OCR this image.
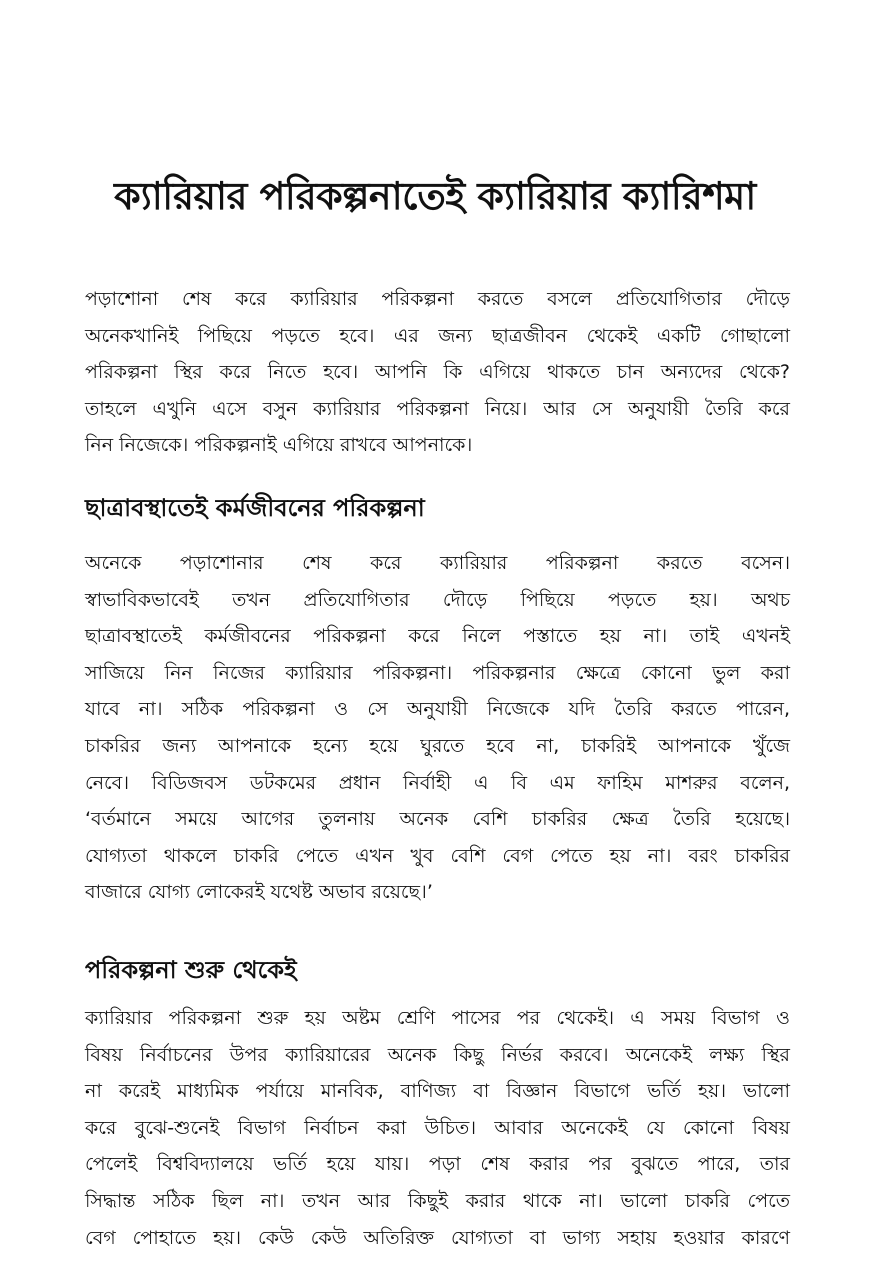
ক্যারিয়ার পরিকল্পনাতেই ক্যারিয়ার ক্যারিশমা
পড়াশোনা শেষ করে ক্যারিয়ার পরিকল্পনা করতে বসলে প্রতিযোগিতার দৌড়ে
অনেকখানিই পিছিয়ে পড়তে হবে। এর জন্য ছাত্রজীবন থেকেই একটি গোছালো
পরিকল্পনা স্থির করে নিতে হবে। আপনি কি এগিয়ে থাকতে চান অন্যদের থেকে?
তাহলে এখুনি এসে বসুন ক্যারিয়ার পরিকল্পনা নিয়ে। আর সে অনুযায়ী তৈরি করে
নিন নিজেকে। পরিকল্পনাই এগিয়ে রাখবে আপনাকে।
ছাত্রাবস্থাতেই কর্মজীবনের পরিকল্পনা
অনেকে পড়াশোনার শেষ করে ক্যারিয়ার পরিকল্পনা করতে বসেন।
স্বাভাবিকভাবেই তখন প্রতিযোগিতার দৌড়ে পিছিয়ে পড়তে হয়। অথচ
ছাত্রাবস্থাতেই কর্মজীবনের পরিকল্পনা করে নিলে পস্তাতে হয় না। তাই এখনই
সাজিয়ে নিন নিজের ক্যারিয়ার পরিকল্পনা। পরিকল্পনার ক্ষেত্রে কোনো ভুল করা
যাবে না। সঠিক পরিকল্পনা ও সে অনুযায়ী নিজেকে যদি তৈরি করতে পারেন,
চাকরির জন্য আপনাকে হন্যে হয়ে ঘুরতে হবে না, চাকরিই আপনাকে খুঁজে
নেবে। বিডিজবস ডটকমের প্রধান নির্বাহী এ বি এম ফাহিম মাশরুর বলেন,
‘বর্তমানে সময়ে আগের তুলনায় অনেক বেশি চাকরির ক্ষেত্র তৈরি হয়েছে।
যোগ্যতা থাকলে চাকরি পেতে এখন খুব বেশি বেগ পেতে হয় না। বরং চাকরির
বাজারে যোগ্য লোকেরই যথেষ্ট অভাব রয়েছে।’
পরিকল্পনা শুরু থেকেই
ক্যারিয়ার পরিকল্পনা শুরু হয় অষ্টম শ্রেণি পাসের পর থেকেই। এ সময় বিভাগ ও
বিষয় নির্বাচনের উপর ক্যারিয়ারের অনেক কিছু নির্ভর করবে। অনেকেই লক্ষ্য স্থির
না করেই মাধ্যমিক পর্যায়ে মানবিক, বাণিজ্য বা বিজ্ঞান বিভাগে ভর্তি হয়। ভালো
করে বুঝে-শুনেই বিভাগ নির্বাচন করা উচিত। আবার অনেকেই যে কোনো বিষয়
পেলেই বিশ্ববিদ্যালয়ে ভর্তি হয়ে যায়। পড়া শেষ করার পর বুঝতে পারে, তার
সিদ্ধান্ত সঠিক ছিল না। তখন আর কিছুই করার থাকে না। ভালো চাকরি পেতে
বেগ পোহাতে হয়। কেউ কেউ অতিরিক্ত যোগ্যতা বা ভাগ্য সহায় হওয়ার কারণে
